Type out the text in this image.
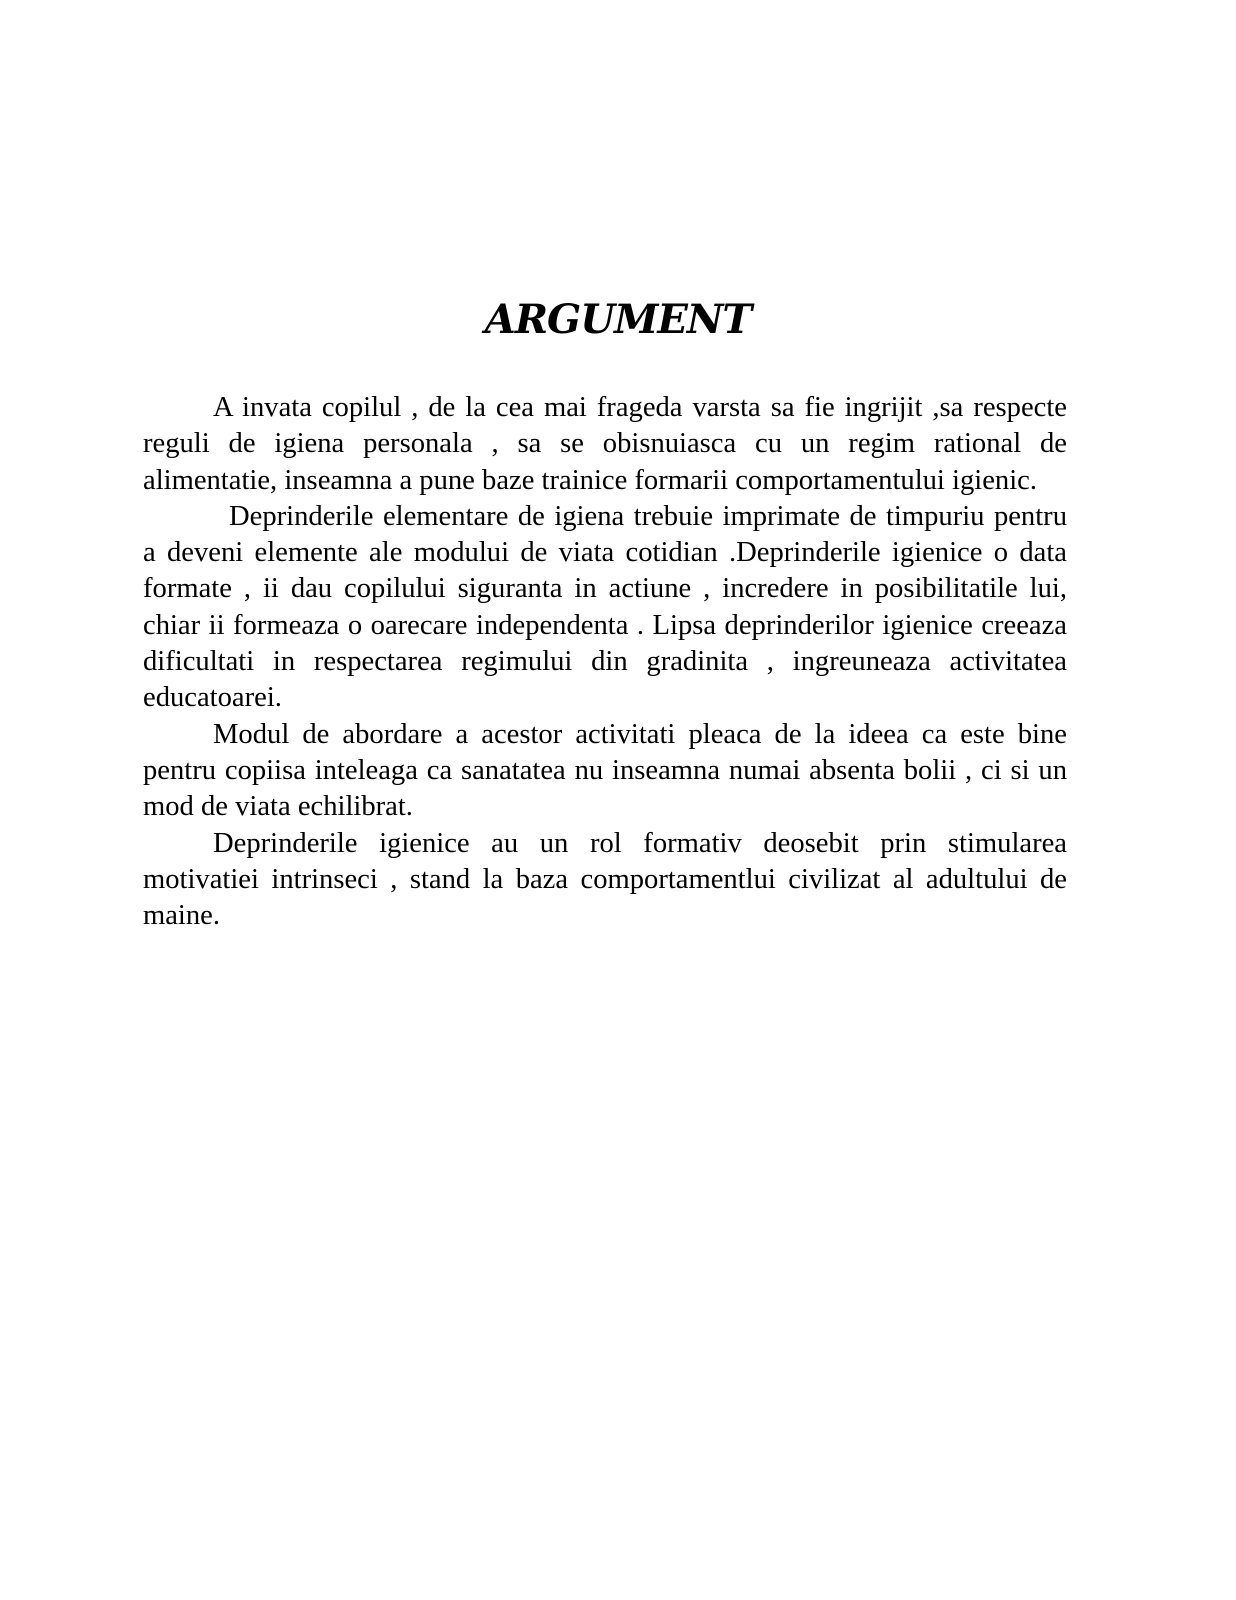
ARGUMENT

A invata copilul , de la cea mai frageda varsta sa fie ingrijit ,sa respecte reguli de igiena personala , sa se obisnuiasca cu un regim rational de alimentatie, inseamna a pune baze trainice formarii comportamentului igienic.

Deprinderile elementare de igiena trebuie imprimate de timpuriu pentru a deveni elemente ale modului de viata cotidian .Deprinderile igienice o data formate , ii dau copilului siguranta in actiune , incredere in posibilitatile lui, chiar ii formeaza o oarecare independenta . Lipsa deprinderilor igienice creeaza dificultati in respectarea regimului din gradinita , ingreuneaza activitatea educatoarei.

Modul de abordare a acestor activitati pleaca de la ideea ca este bine pentru copiisa inteleaga ca sanatatea nu inseamna numai absenta bolii , ci si un mod de viata echilibrat.

Deprinderile igienice au un rol formativ deosebit prin stimularea motivatiei intrinseci , stand la baza comportamentlui civilizat al adultului de maine.
